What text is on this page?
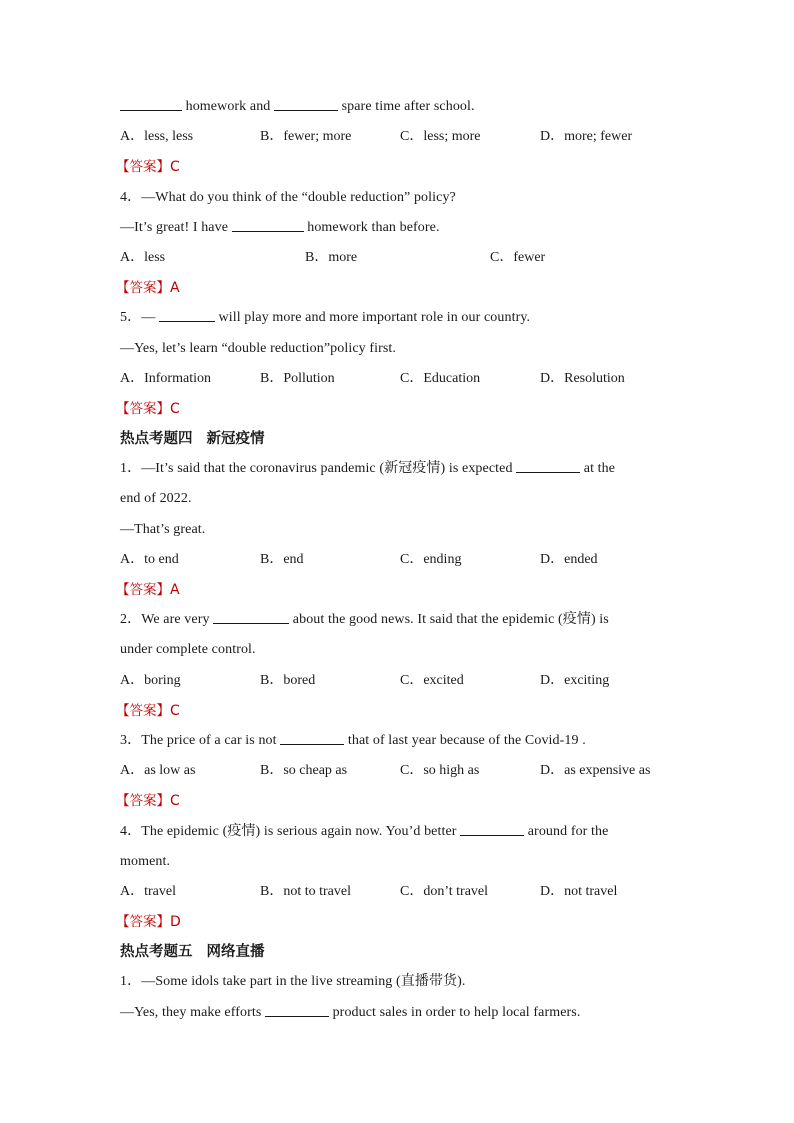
homework and	spare time after school.
A．less, less	B．fewer; more	C．less; more	D．more; fewer
【答案】C
4．—What do you think of the “double reduction” policy?
—It’s great! I have	homework than before.
A．less	B．more	C．fewer
【答案】A
5．—	will play more and more important role in our country.
—Yes, let’s learn “double reduction”policy first.
A．Information	B．Pollution	C．Education	D．Resolution
【答案】C
热点考题四 新冠疫情
1．—It’s said that the coronavirus pandemic (新冠疫情) is expected	at the
end of 2022.
—That’s great.
A．to end	B．end	C．ending	D．ended
【答案】A
2．We are very	about the good news. It said that the epidemic (疫情) is
under complete control.
A．boring	B．bored	C．excited	D．exciting
【答案】C
3．The price of a car is not	that of last year because of the Covid-19 .
A．as low as	B．so cheap as	C．so high as	D．as expensive as
【答案】C
4．The epidemic (疫情) is serious again now. You’d better	around for the
moment.
A．travel	B．not to travel	C．don’t travel	D．not travel
【答案】D
热点考题五 网络直播
1．—Some idols take part in the live streaming (直播带货).
—Yes, they make efforts	product sales in order to help local farmers.
